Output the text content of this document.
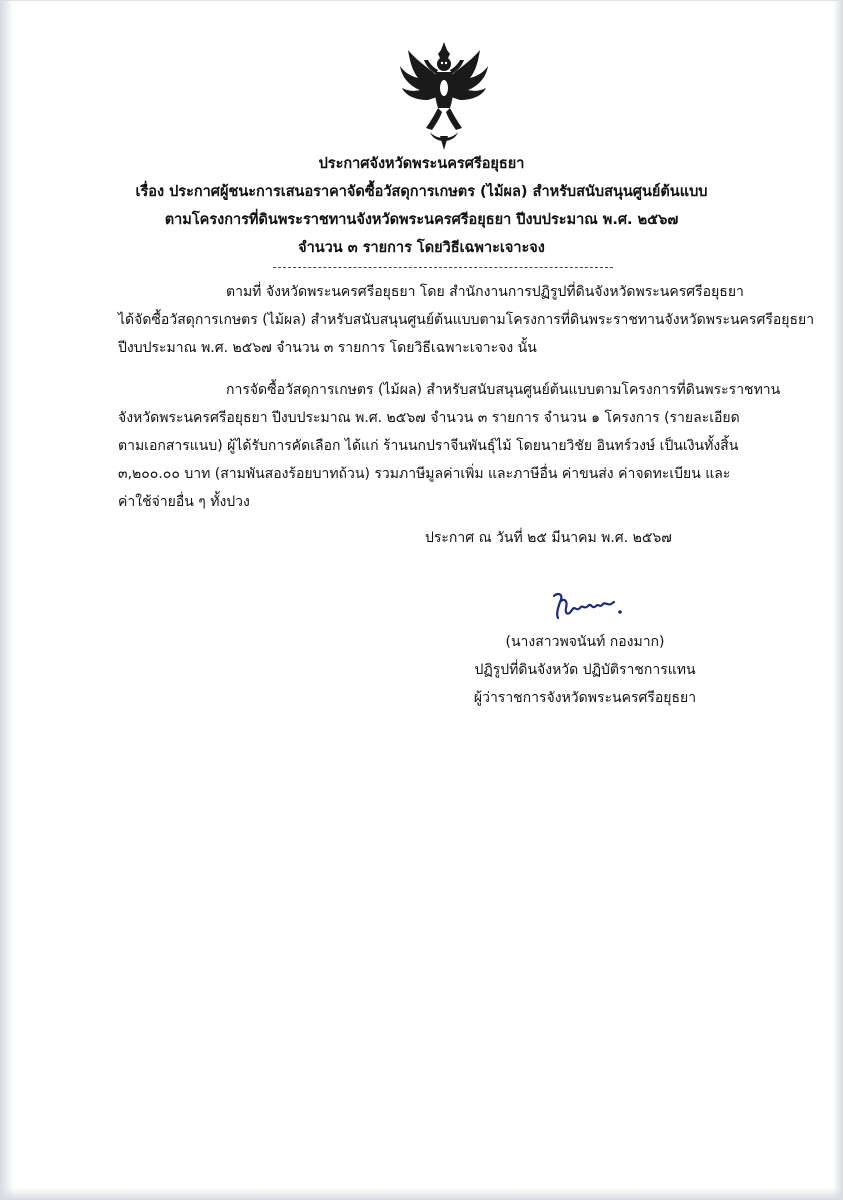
ประกาศจังหวัดพระนครศรีอยุธยา
เรื่อง ประกาศผู้ชนะการเสนอราคาจัดซื้อวัสดุการเกษตร (ไม้ผล) สำหรับสนับสนุนศูนย์ต้นแบบ
ตามโครงการที่ดินพระราชทานจังหวัดพระนครศรีอยุธยา ปีงบประมาณ พ.ศ. ๒๕๖๗
จำนวน ๓ รายการ โดยวิธีเฉพาะเจาะจง
ตามที่ จังหวัดพระนครศรีอยุธยา โดย สำนักงานการปฏิรูปที่ดินจังหวัดพระนครศรีอยุธยา
ได้จัดซื้อวัสดุการเกษตร (ไม้ผล) สำหรับสนับสนุนศูนย์ต้นแบบตามโครงการที่ดินพระราชทานจังหวัดพระนครศรีอยุธยา
ปีงบประมาณ พ.ศ. ๒๕๖๗ จำนวน ๓ รายการ โดยวิธีเฉพาะเจาะจง นั้น
การจัดซื้อวัสดุการเกษตร (ไม้ผล) สำหรับสนับสนุนศูนย์ต้นแบบตามโครงการที่ดินพระราชทาน
จังหวัดพระนครศรีอยุธยา ปีงบประมาณ พ.ศ. ๒๕๖๗ จำนวน ๓ รายการ จำนวน ๑ โครงการ (รายละเอียด
ตามเอกสารแนบ) ผู้ได้รับการคัดเลือก ได้แก่ ร้านนกปราจีนพันธุ์ไม้ โดยนายวิชัย อินทร์วงษ์ เป็นเงินทั้งสิ้น
๓,๒๐๐.๐๐ บาท (สามพันสองร้อยบาทถ้วน) รวมภาษีมูลค่าเพิ่ม และภาษีอื่น ค่าขนส่ง ค่าจดทะเบียน และ
ค่าใช้จ่ายอื่น ๆ ทั้งปวง
ประกาศ ณ วันที่ ๒๕ มีนาคม พ.ศ. ๒๕๖๗
(นางสาวพจนันท์ กองมาก)
ปฏิรูปที่ดินจังหวัด ปฏิบัติราชการแทน
ผู้ว่าราชการจังหวัดพระนครศรีอยุธยา
